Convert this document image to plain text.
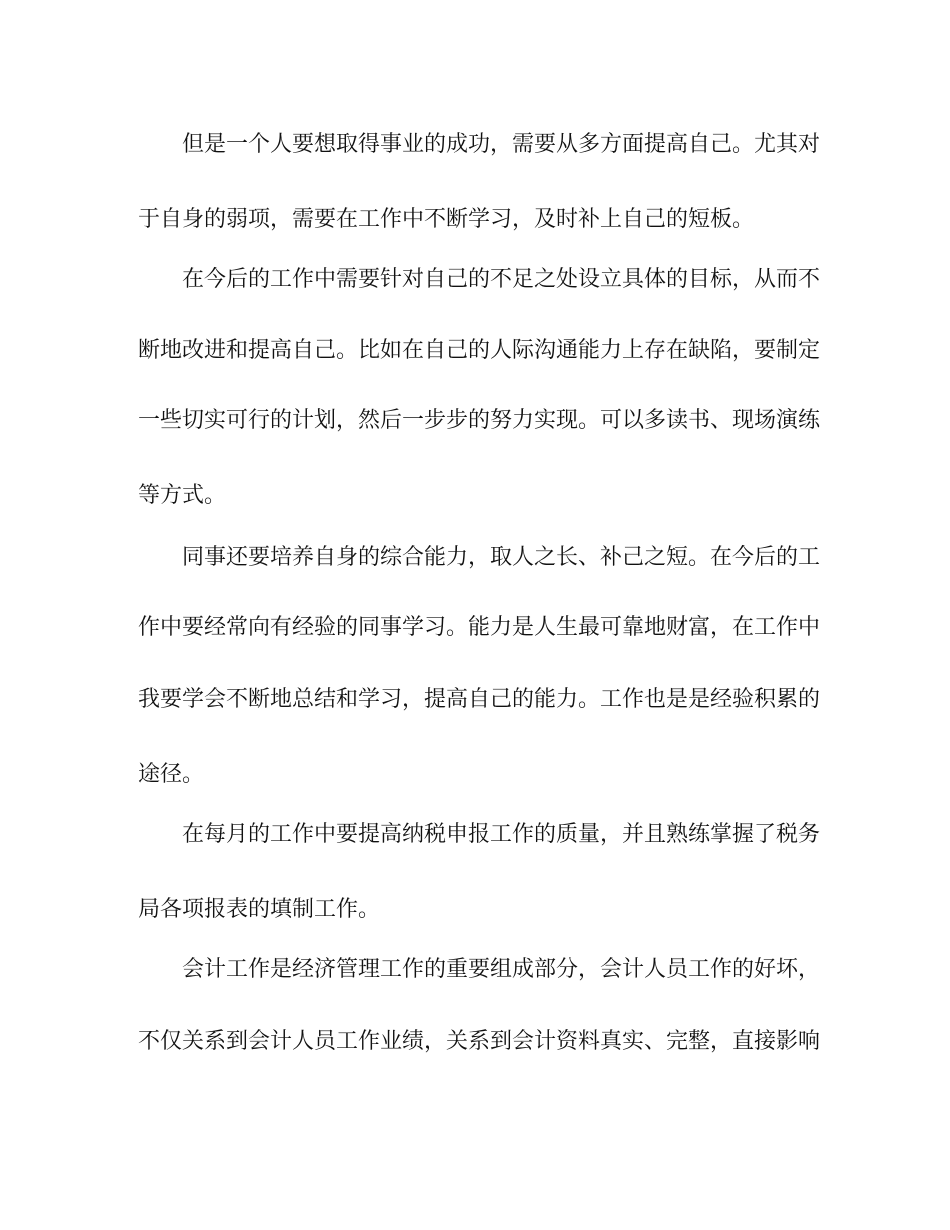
但是一个人要想取得事业的成功，需要从多方面提高自己。尤其对
于自身的弱项，需要在工作中不断学习，及时补上自己的短板。
在今后的工作中需要针对自己的不足之处设立具体的目标，从而不
断地改进和提高自己。比如在自己的人际沟通能力上存在缺陷，要制定
一些切实可行的计划，然后一步步的努力实现。可以多读书、现场演练
等方式。
同事还要培养自身的综合能力，取人之长、补己之短。在今后的工
作中要经常向有经验的同事学习。能力是人生最可靠地财富，在工作中
我要学会不断地总结和学习，提高自己的能力。工作也是是经验积累的
途径。
在每月的工作中要提高纳税申报工作的质量，并且熟练掌握了税务
局各项报表的填制工作。
会计工作是经济管理工作的重要组成部分，会计人员工作的好坏，
不仅关系到会计人员工作业绩，关系到会计资料真实、完整，直接影响
